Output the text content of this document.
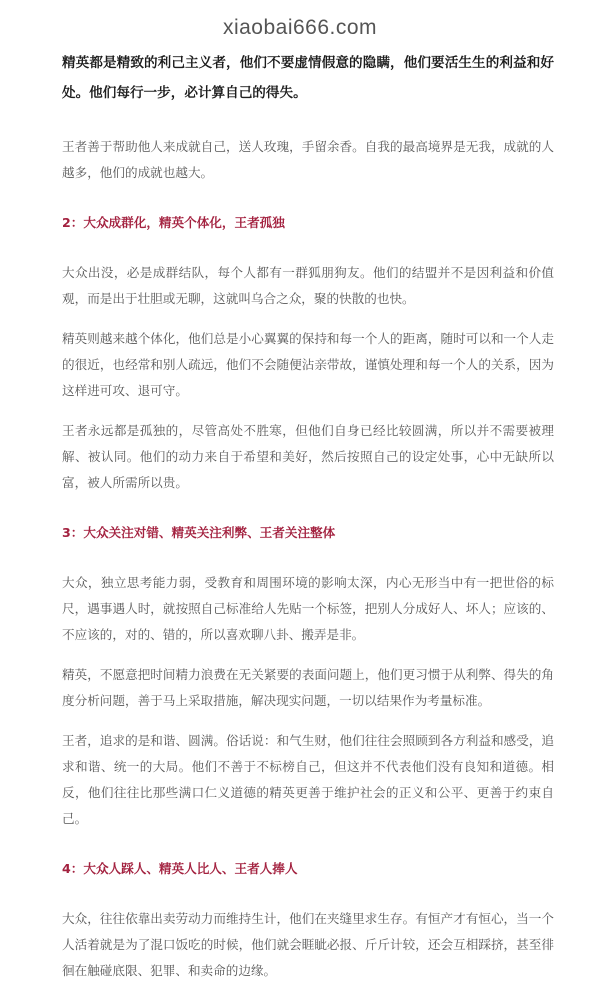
xiaobai666.com

精英都是精致的利己主义者，他们不要虚情假意的隐瞒，他们要活生生的利益和好处。他们每行一步，必计算自己的得失。

王者善于帮助他人来成就自己，送人玫瑰，手留余香。自我的最高境界是无我，成就的人越多，他们的成就也越大。

2：大众成群化，精英个体化，王者孤独

大众出没，必是成群结队，每个人都有一群狐朋狗友。他们的结盟并不是因利益和价值观，而是出于壮胆或无聊，这就叫乌合之众，聚的快散的也快。

精英则越来越个体化，他们总是小心翼翼的保持和每一个人的距离，随时可以和一个人走的很近，也经常和别人疏远，他们不会随便沾亲带故，谨慎处理和每一个人的关系，因为这样进可攻、退可守。

王者永远都是孤独的，尽管高处不胜寒，但他们自身已经比较圆满，所以并不需要被理解、被认同。他们的动力来自于希望和美好，然后按照自己的设定处事，心中无缺所以富，被人所需所以贵。

3：大众关注对错、精英关注利弊、王者关注整体

大众，独立思考能力弱，受教育和周围环境的影响太深，内心无形当中有一把世俗的标尺，遇事遇人时，就按照自己标准给人先贴一个标签，把别人分成好人、坏人；应该的、不应该的，对的、错的，所以喜欢聊八卦、搬弄是非。

精英，不愿意把时间精力浪费在无关紧要的表面问题上，他们更习惯于从利弊、得失的角度分析问题，善于马上采取措施，解决现实问题，一切以结果作为考量标准。

王者，追求的是和谐、圆满。俗话说：和气生财，他们往往会照顾到各方利益和感受，追求和谐、统一的大局。他们不善于不标榜自己，但这并不代表他们没有良知和道德。相反，他们往往比那些满口仁义道德的精英更善于维护社会的正义和公平、更善于约束自己。

4：大众人踩人、精英人比人、王者人捧人

大众，往往依靠出卖劳动力而维持生计，他们在夹缝里求生存。有恒产才有恒心，当一个人活着就是为了混口饭吃的时候，他们就会睚眦必报、斤斤计较，还会互相踩挤，甚至徘徊在触碰底限、犯罪、和卖命的边缘。
